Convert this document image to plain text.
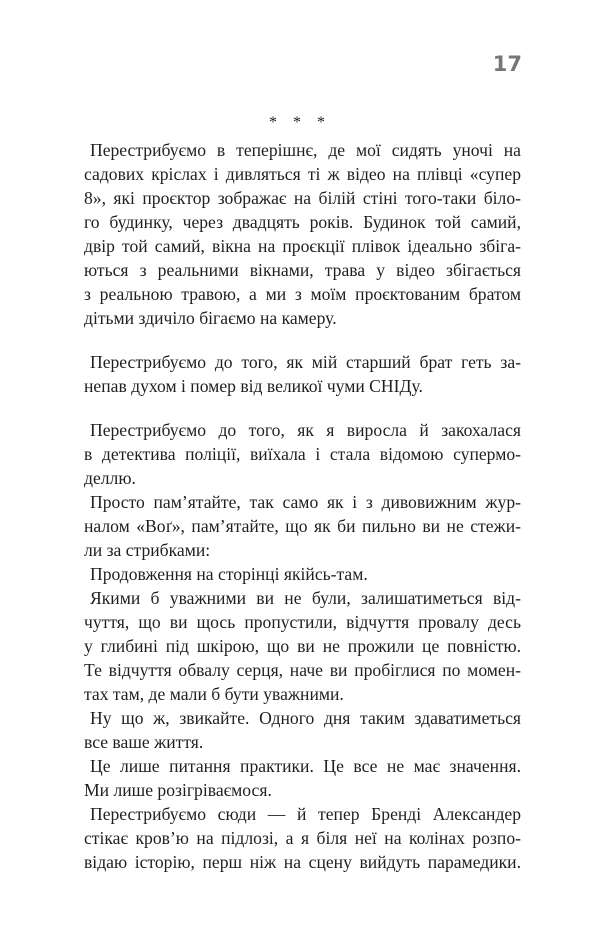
17
* * *
Перестрибуємо в теперішнє, де мої сидять уночі на
садових кріслах і дивляться ті ж відео на плівці «супер
8», які проєктор зображає на білій стіні того-таки біло-
го будинку, через двадцять років. Будинок той самий,
двір той самий, вікна на проєкції плівок ідеально збіга-
ються з реальними вікнами, трава у відео збігається
з реальною травою, а ми з моїм проєктованим братом
дітьми здичіло бігаємо на камеру.
Перестрибуємо до того, як мій старший брат геть за-
непав духом і помер від великої чуми СНІДу.
Перестрибуємо до того, як я виросла й закохалася
в детектива поліції, виїхала і стала відомою супермо-
деллю.
Просто пам’ятайте, так само як і з дивовижним жур-
налом «Воґ», пам’ятайте, що як би пильно ви не стежи-
ли за стрибками:
Продовження на сторінці якійсь-там.
Якими б уважними ви не були, залишатиметься від-
чуття, що ви щось пропустили, відчуття провалу десь
у глибині під шкірою, що ви не прожили це повністю.
Те відчуття обвалу серця, наче ви пробіглися по момен-
тах там, де мали б бути уважними.
Ну що ж, звикайте. Одного дня таким здаватиметься
все ваше життя.
Це лише питання практики. Це все не має значення.
Ми лише розігріваємося.
Перестрибуємо сюди — й тепер Бренді Александер
стікає кров’ю на підлозі, а я біля неї на колінах розпо-
відаю історію, перш ніж на сцену вийдуть парамедики.
